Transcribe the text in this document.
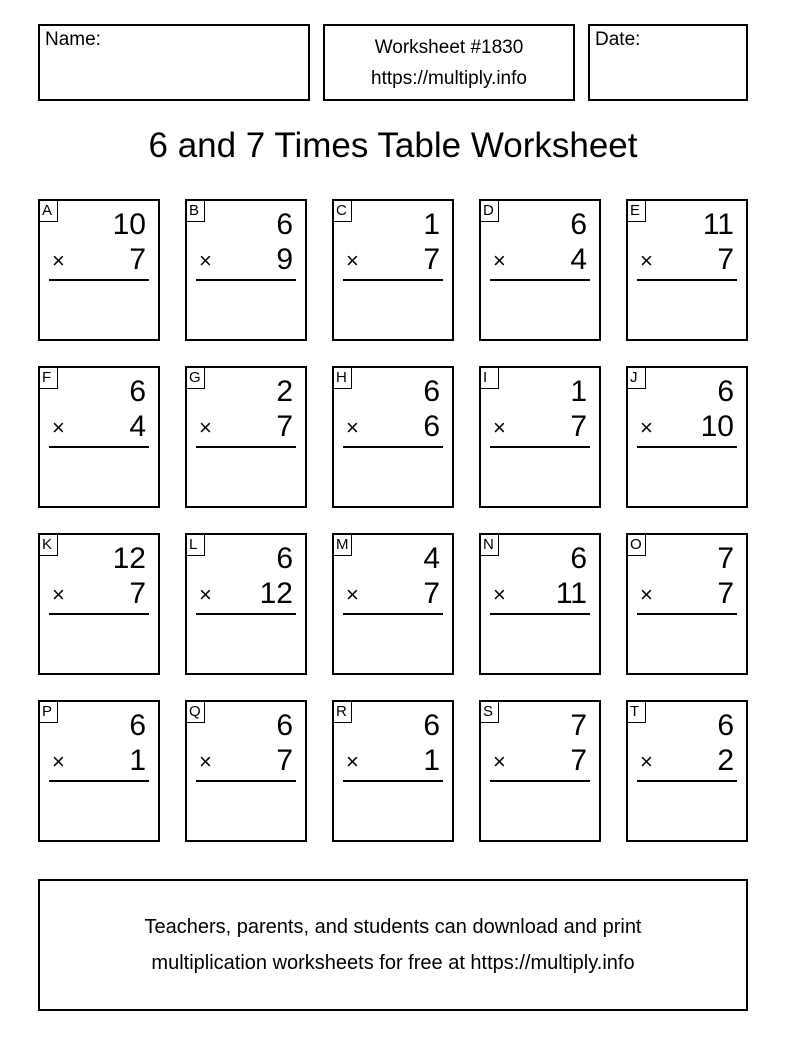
Name:	Worksheet #1830
https://multiply.info
Date:
6 and 7 Times Table Worksheet
A 10
× 7
B	6
× 9
C	1
× 7
D	6
× 4
E 11
× 7
F	6
× 4
G	2
× 7
H	6
× 6
I	1
× 7
J	6
× 10
K 12
× 7
L	6
× 12
M 4
× 7
N	6
× 11
O	7
× 7
P	6
× 1
Q	6
× 7
R	6
× 1
S	7
× 7
T	6
× 2
Teachers, parents, and students can download and print
multiplication worksheets for free at https://multiply.info
